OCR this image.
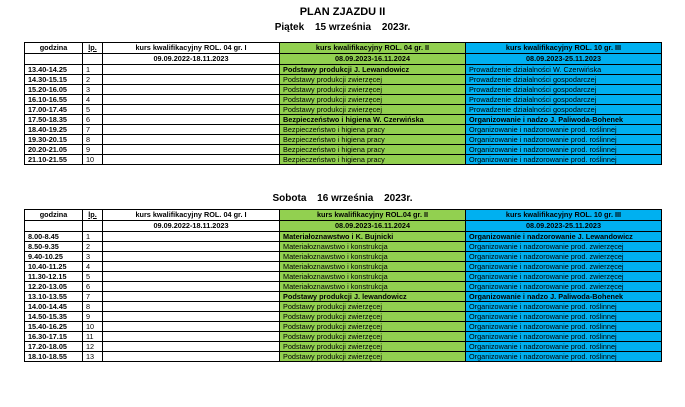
PLAN ZJAZDU II
Piątek 15 września 2023r.
godzina	lp.	kurs kwalifikacyjny ROL. 04 gr. I	kurs kwalifikacyjny ROL. 04 gr. II	kurs kwalifikacyjny ROL. 10 gr. III

		09.09.2022-18.11.2023	08.09.2023-16.11.2024	08.09.2023-25.11.2023
13.40-14.25	1		Podstawy produkcji J. Lewandowicz	Prowadzenie działalności W. Czerwińska
14.30-15.15	2		Podstawy produkcji zwierzęcej	Prowadzenie działalności gospodarczej
15.20-16.05	3		Podstawy produkcji zwierzęcej	Prowadzenie działalności gospodarczej
16.10-16.55	4		Podstawy produkcji zwierzęcej	Prowadzenie działalności gospodarczej
17.00-17.45	5		Podstawy produkcji zwierzęcej	Prowadzenie działalności gospodarczej
17.50-18.35	6		Bezpieczeństwo i higiena W. Czerwińska	Organizowanie i nadzo J. Paliwoda-Bohenek
18.40-19.25	7		Bezpieczeństwo i higiena pracy	Organizowanie i nadzorowanie prod. roślinnej
19.30-20.15	8		Bezpieczeństwo i higiena pracy	Organizowanie i nadzorowanie prod. roślinnej
20.20-21.05	9		Bezpieczeństwo i higiena pracy	Organizowanie i nadzorowanie prod. roślinnej
21.10-21.55	10		Bezpieczeństwo i higiena pracy	Organizowanie i nadzorowanie prod. roślinnej
Sobota 16 września 2023r.
godzina	lp.	kurs kwalifikacyjny ROL. 04 gr. I	kurs kwalifikacyjny ROL.04 gr. II	kurs kwalifikacyjny ROL. 10 gr. III

		09.09.2022-18.11.2023	08.09.2023-16.11.2024	08.09.2023-25.11.2023
8.00-8.45	1		Materiałoznawstwo i K. Bujnicki	Organizowanie i nadzorowanie J. Lewandowicz
8.50-9.35	2		Materiałoznawstwo i konstrukcja	Organizowanie i nadzorowanie prod. zwierzęcej
9.40-10.25	3		Materiałoznawstwo i konstrukcja	Organizowanie i nadzorowanie prod. zwierzęcej
10.40-11.25	4		Materiałoznawstwo i konstrukcja	Organizowanie i nadzorowanie prod. zwierzęcej
11.30-12.15	5		Materiałoznawstwo i konstrukcja	Organizowanie i nadzorowanie prod. zwierzęcej
12.20-13.05	6		Materiałoznawstwo i konstrukcja	Organizowanie i nadzorowanie prod. zwierzęcej
13.10-13.55	7		Podstawy produkcji J. lewandowicz	Organizowanie i nadzo J. Paliwoda-Bohenek
14.00-14.45	8		Podstawy produkcji zwierzęcej	Organizowanie i nadzorowanie prod. roślinnej
14.50-15.35	9		Podstawy produkcji zwierzęcej	Organizowanie i nadzorowanie prod. roślinnej
15.40-16.25	10		Podstawy produkcji zwierzęcej	Organizowanie i nadzorowanie prod. roślinnej
16.30-17.15	11		Podstawy produkcji zwierzęcej	Organizowanie i nadzorowanie prod. roślinnej
17.20-18.05	12		Podstawy produkcji zwierzęcej	Organizowanie i nadzorowanie prod. roślinnej
18.10-18.55	13		Podstawy produkcji zwierzęcej	Organizowanie i nadzorowanie prod. roślinnej
